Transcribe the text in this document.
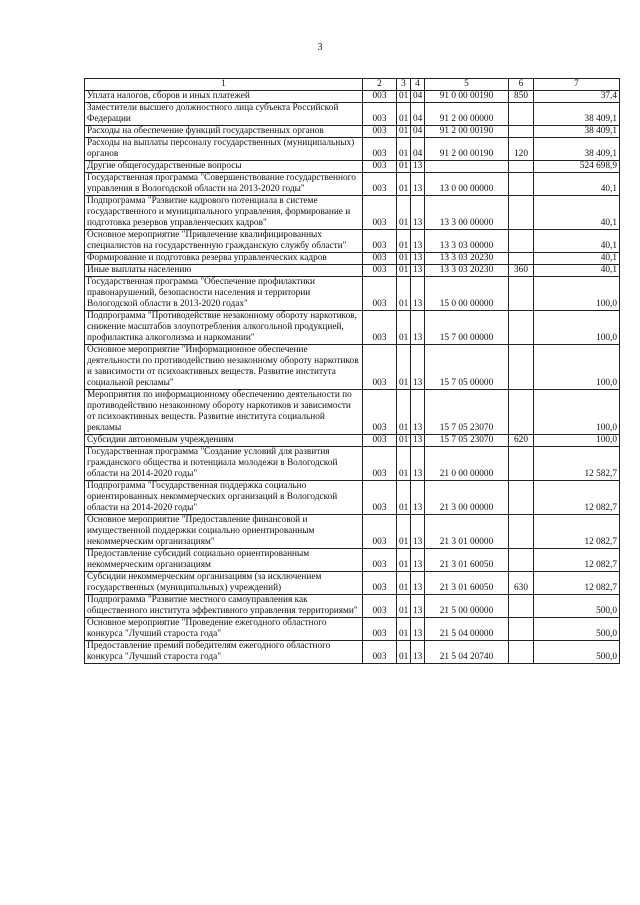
3
1	2	3	4	5	6	7
Уплата налогов, сборов и иных платежей	003	01	04	91 0 00 00190	850	37,4
Заместители высшего должностного лица субъекта Российской Федерации	003	01	04	91 2 00 00000		38 409,1
Расходы на обеспечение функций государственных органов	003	01	04	91 2 00 00190		38 409,1
Расходы на выплаты персоналу государственных (муниципальных) органов	003	01	04	91 2 00 00190	120	38 409,1
Другие общегосударственные вопросы	003	01	13			524 698,9
Государственная программа "Совершенствование государственного управления в Вологодской области на 2013-2020 годы"	003	01	13	13 0 00 00000		40,1
Подпрограмма "Развитие кадрового потенциала в системе государственного и муниципального управления, формирование и подготовка резервов управленческих кадров"	003	01	13	13 3 00 00000		40,1
Основное мероприятие "Привлечение квалифицированных специалистов на государственную гражданскую службу области"	003	01	13	13 3 03 00000		40,1
Формирование и подготовка резерва управленческих кадров	003	01	13	13 3 03 20230		40,1
Иные выплаты населению	003	01	13	13 3 03 20230	360	40,1
Государственная программа "Обеспечение профилактики правонарушений, безопасности населения и территории Вологодской области в 2013-2020 годах"	003	01	13	15 0 00 00000		100,0
Подпрограмма "Противодействие незаконному обороту наркотиков, снижение масштабов злоупотребления алкогольной продукцией, профилактика алкоголизма и наркомании"	003	01	13	15 7 00 00000		100,0
Основное мероприятие "Информационное обеспечение деятельности по противодействию незаконному обороту наркотиков и зависимости от психоактивных веществ. Развитие института социальной рекламы"	003	01	13	15 7 05 00000		100,0
Мероприятия по информационному обеспечению деятельности по противодействию незаконному обороту наркотиков и зависимости от психоактивных веществ. Развитие института социальной рекламы	003	01	13	15 7 05 23070		100,0
Субсидии автономным учреждениям	003	01	13	15 7 05 23070	620	100,0
Государственная программа "Создание условий для развития гражданского общества и потенциала молодежи в Вологодской области на 2014-2020 годы"	003	01	13	21 0 00 00000		12 582,7
Подпрограмма "Государственная поддержка социально ориентированных некоммерческих организаций в Вологодской области на 2014-2020 годы"	003	01	13	21 3 00 00000		12 082,7
Основное мероприятие "Предоставление финансовой и имущественной поддержки социально ориентированным некоммерческим организациям"	003	01	13	21 3 01 00000		12 082,7
Предоставление субсидий социально ориентированным некоммерческим организациям	003	01	13	21 3 01 60050		12 082,7
Субсидии некоммерческим организациям (за исключением государственных (муниципальных) учреждений)	003	01	13	21 3 01 60050	630	12 082,7
Подпрограмма "Развитие местного самоуправления как общественного института эффективного управления территориями"	003	01	13	21 5 00 00000		500,0
Основное мероприятие "Проведение ежегодного областного конкурса "Лучший староста года"	003	01	13	21 5 04 00000		500,0
Предоставление премий победителям ежегодного областного конкурса "Лучший староста года"	003	01	13	21 5 04 20740		500,0
